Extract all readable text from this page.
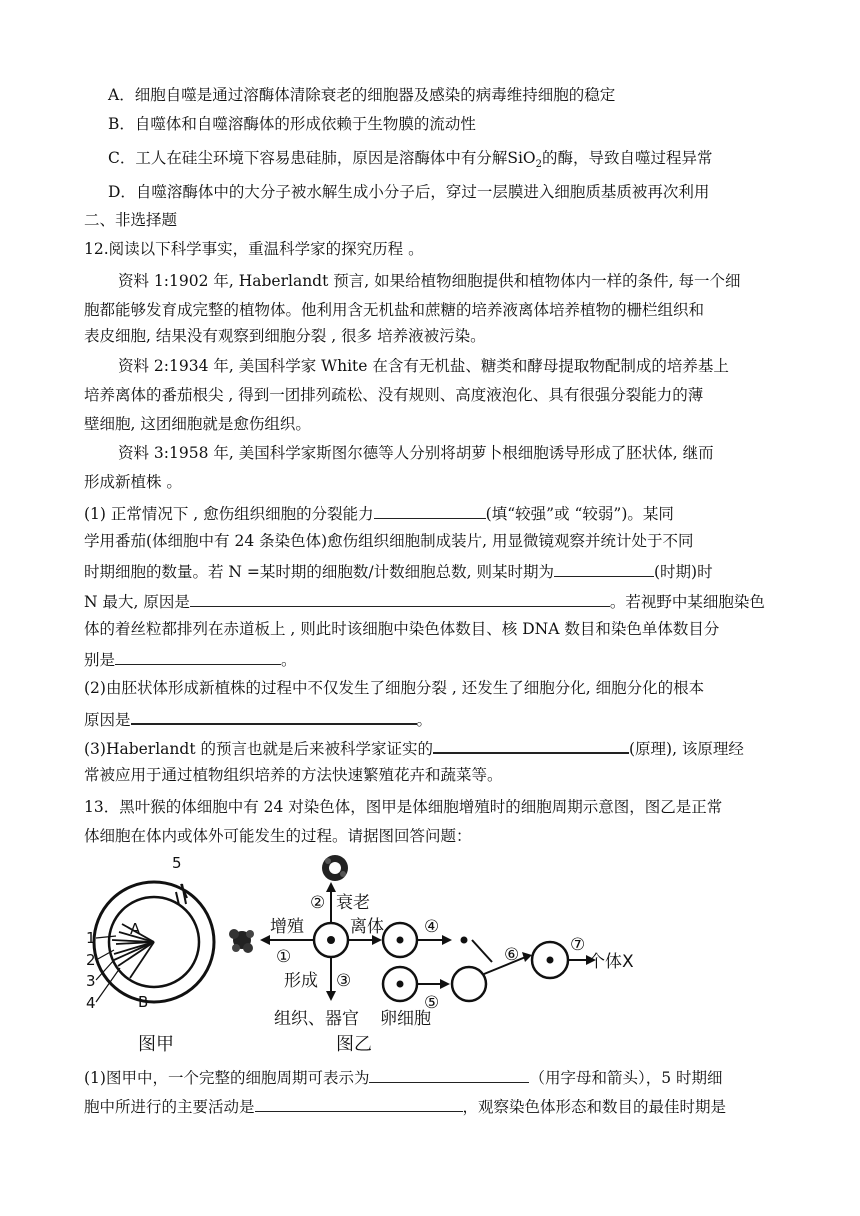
A．细胞自噬是通过溶酶体清除衰老的细胞器及感染的病毒维持细胞的稳定
B．自噬体和自噬溶酶体的形成依赖于生物膜的流动性
C．工人在硅尘环境下容易患硅肺，原因是溶酶体中有分解SiO$_2$的酶，导致自噬过程异常
D．自噬溶酶体中的大分子被水解生成小分子后，穿过一层膜进入细胞质基质被再次利用
二、非选择题
12.阅读以下科学事实，重温科学家的探究历程 。
资料 1:1902 年, Haberlandt 预言, 如果给植物细胞提供和植物体内一样的条件, 每一个细
胞都能够发育成完整的植物体。他利用含无机盐和蔗糖的培养液离体培养植物的栅栏组织和
表皮细胞, 结果没有观察到细胞分裂 , 很多 培养液被污染。
资料 2:1934 年, 美国科学家 White 在含有无机盐、糖类和酵母提取物配制成的培养基上
培养离体的番茄根尖 , 得到一团排列疏松、没有规则、高度液泡化、具有很强分裂能力的薄
壁细胞, 这团细胞就是愈伤组织。
资料 3:1958 年, 美国科学家斯图尔德等人分别将胡萝卜根细胞诱导形成了胚状体, 继而
形成新植株 。
(1) 正常情况下 , 愈伤组织细胞的分裂能力	(填“较强”或 “较弱”)。某同
学用番茄(体细胞中有 24 条染色体)愈伤组织细胞制成装片, 用显微镜观察并统计处于不同
时期细胞的数量。若 N =某时期的细胞数/计数细胞总数, 则某时期为	(时期)时
N 最大, 原因是	。若视野中某细胞染色
体的着丝粒都排列在赤道板上 , 则此时该细胞中染色体数目、核 DNA 数目和染色单体数目分
别是	。
(2)由胚状体形成新植株的过程中不仅发生了细胞分裂 , 还发生了细胞分化, 细胞分化的根本
原因是	。
(3)Haberlandt 的预言也就是后来被科学家证实的	(原理), 该原理经
常被应用于通过植物组织培养的方法快速繁殖花卉和蔬菜等。
13．黑叶猴的体细胞中有 24 对染色体，图甲是体细胞增殖时的细胞周期示意图，图乙是正常
体细胞在体内或体外可能发生的过程。请据图回答问题：
1
2
3
4
5
A
B
图甲
增殖
①
② 衰老
离体
形成 ③
组织、器官
图乙
④
⑤
卵细胞
⑥	⑦
个体X
(1)图甲中，一个完整的细胞周期可表示为	（用字母和箭头），5 时期细
胞中所进行的主要活动是	，观察染色体形态和数目的最佳时期是
